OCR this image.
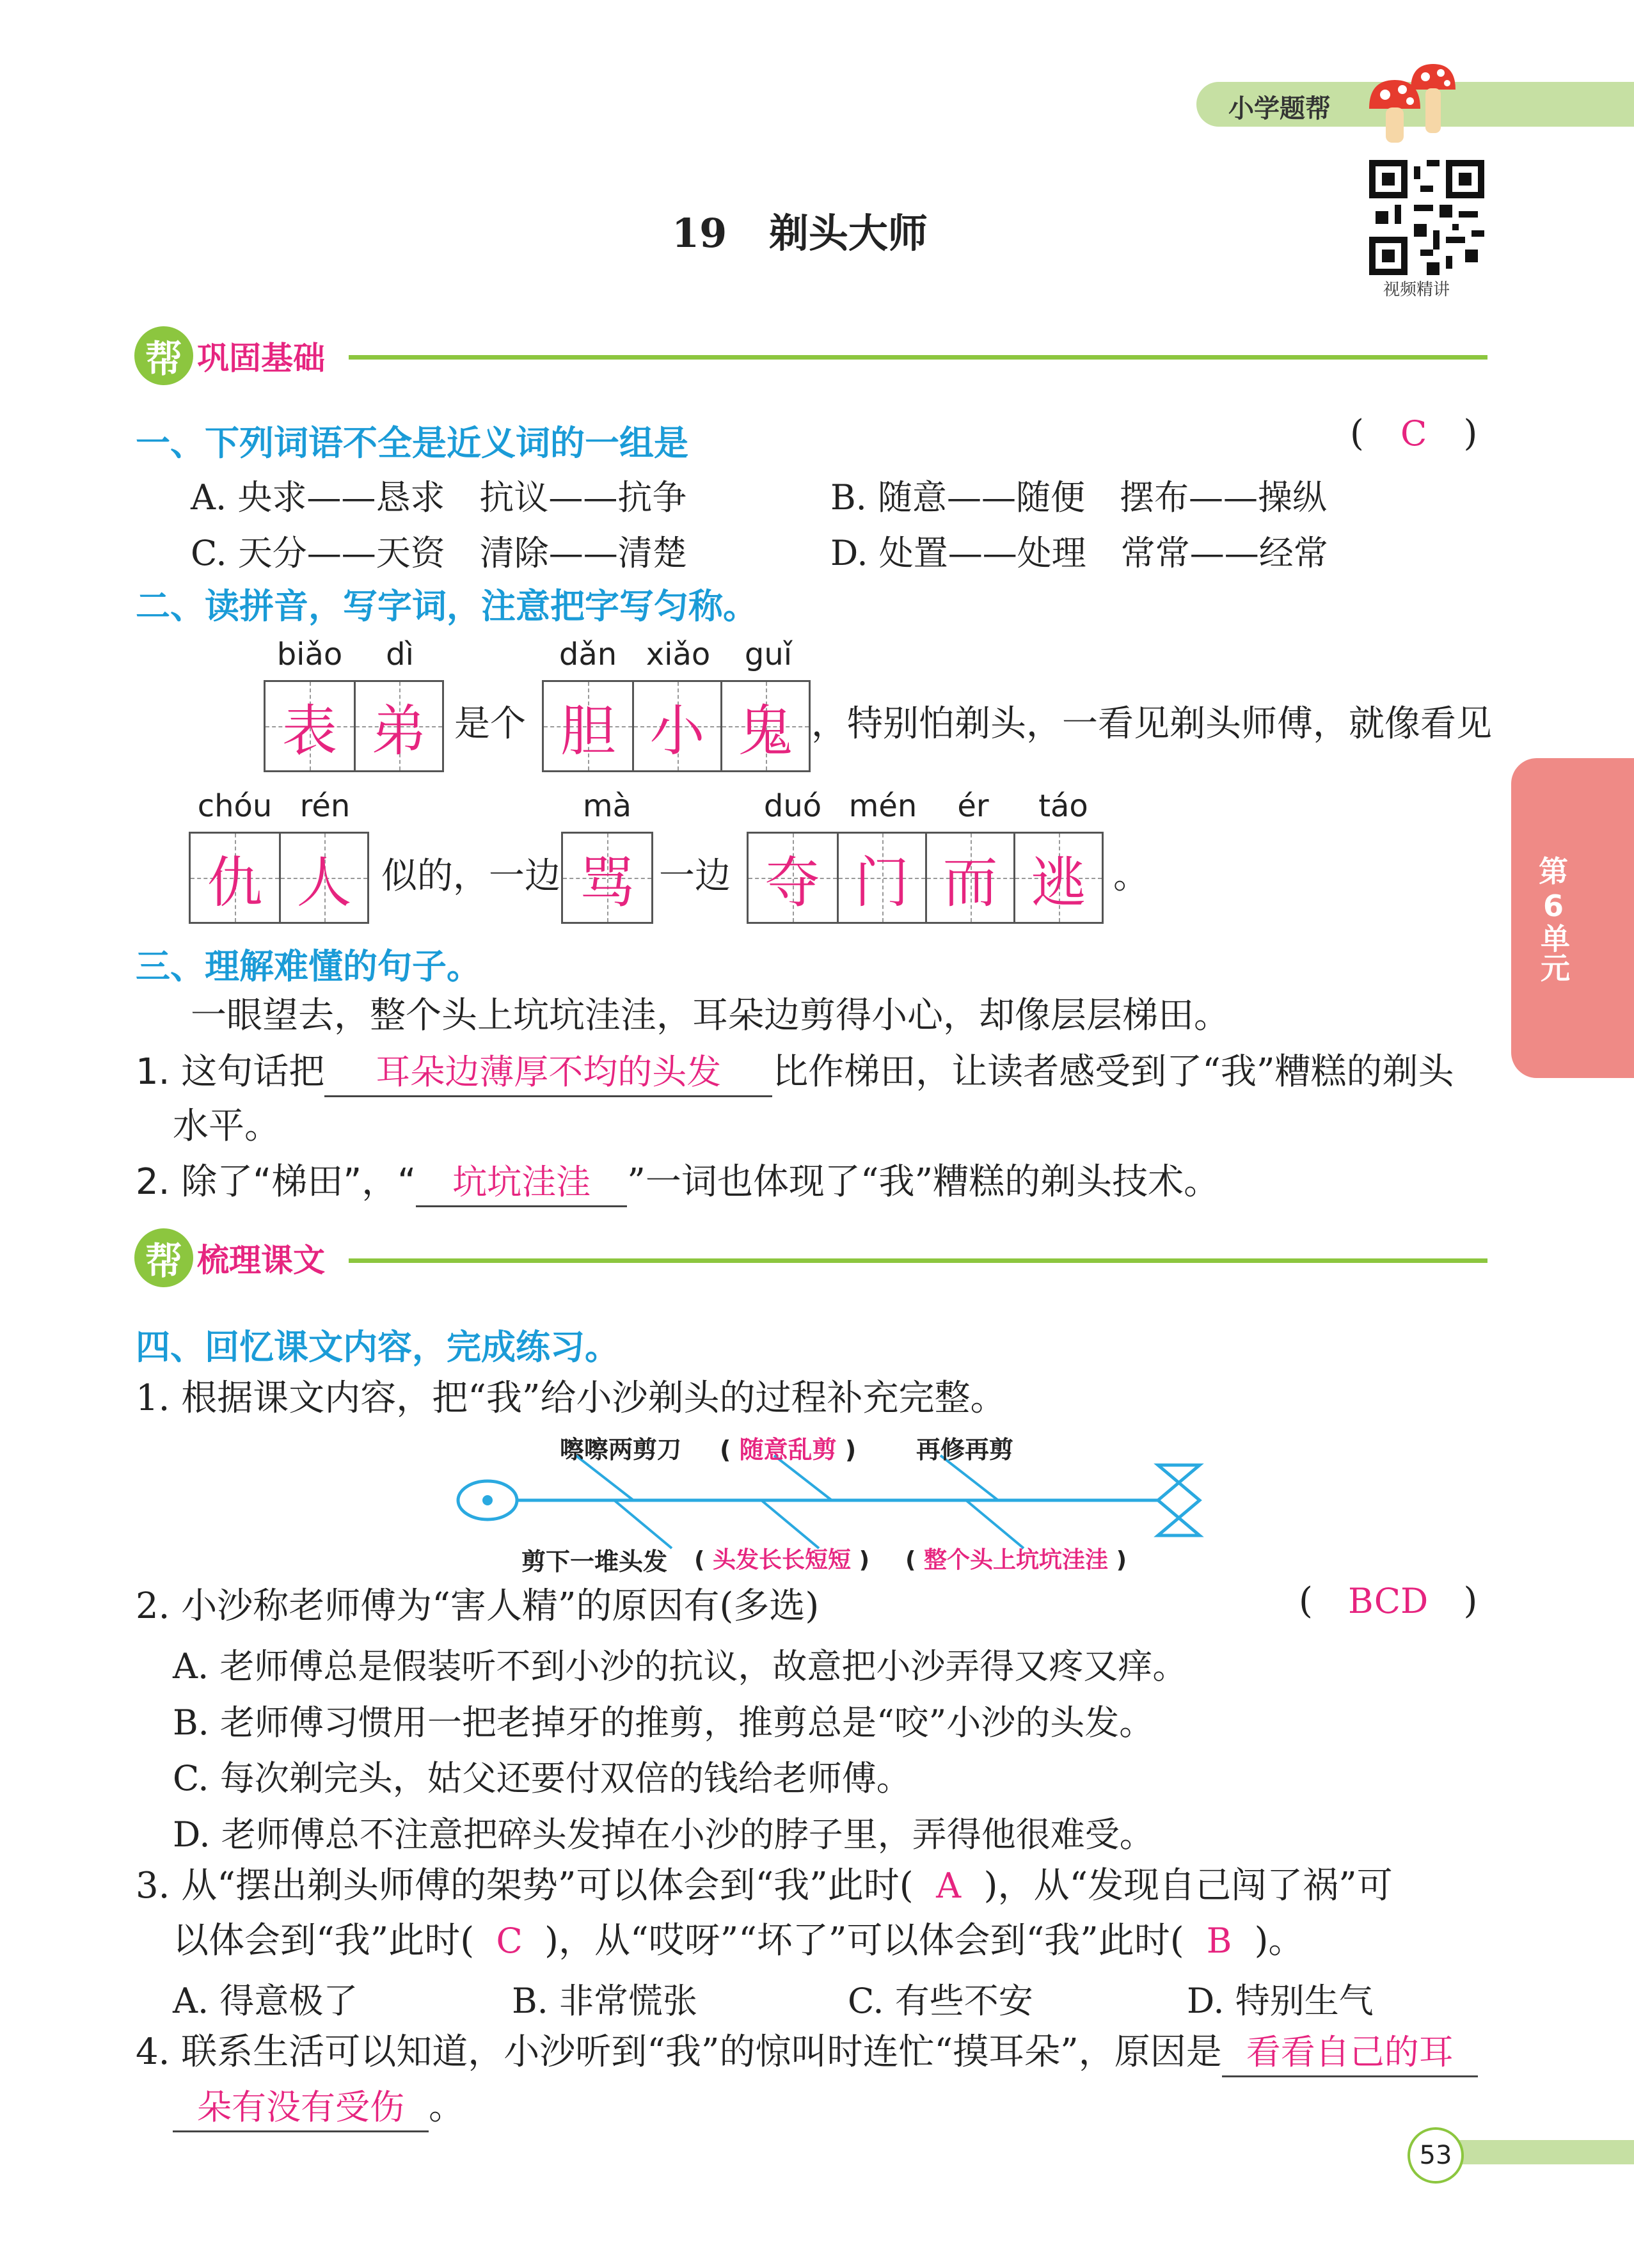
小学题帮
视频精讲
19 剃头大师
第
6
单元
帮 巩固基础
一、下列词语不全是近义词的一组是	( C )
A. 央求——恳求　抗议——抗争	B. 随意——随便　摆布——操纵
C. 天分——天资　清除——清楚	D. 处置——处理　常常——经常
二、读拼音，写字词，注意把字写匀称。
biǎo	dì	dǎn xiǎo	guǐ
表 弟 是个 胆 小 鬼 ，特别怕剃头，一看见剃头师傅，就像看见
chóu rén	mà	duó mén	ér	táo
仇 人 似的，一边 骂 一边 夺 门 而 逃 。
三、理解难懂的句子。
一眼望去，整个头上坑坑洼洼，耳朵边剪得小心，却像层层梯田。
1. 这句话把 耳朵边薄厚不均的头发 比作梯田，让读者感受到了“我”糟糕的剃头
水平。
2. 除了“梯田”，“ 坑坑洼洼 ”一词也体现了“我”糟糕的剃头技术。
帮 梳理课文
四、回忆课文内容，完成练习。
1. 根据课文内容，把“我”给小沙剃头的过程补充完整。
嚓嚓两剪刀 ( 随意乱剪 ) 再修再剪
剪下一堆头发 ( 头发长长短短 ) ( 整个头上坑坑洼洼 )
2. 小沙称老师傅为“害人精”的原因有(多选)	( BCD )
A. 老师傅总是假装听不到小沙的抗议，故意把小沙弄得又疼又痒。
B. 老师傅习惯用一把老掉牙的推剪，推剪总是“咬”小沙的头发。
C. 每次剃完头，姑父还要付双倍的钱给老师傅。
D. 老师傅总不注意把碎头发掉在小沙的脖子里，弄得他很难受。
3. 从“摆出剃头师傅的架势”可以体会到“我”此时( A )，从“发现自己闯了祸”可
以体会到“我”此时( C )，从“哎呀”“坏了”可以体会到“我”此时( B )。
A. 得意极了	B. 非常慌张	C. 有些不安	D. 特别生气
4. 联系生活可以知道，小沙听到“我”的惊叫时连忙“摸耳朵”，原因是 看看自己的耳
朵有没有受伤 。
53
